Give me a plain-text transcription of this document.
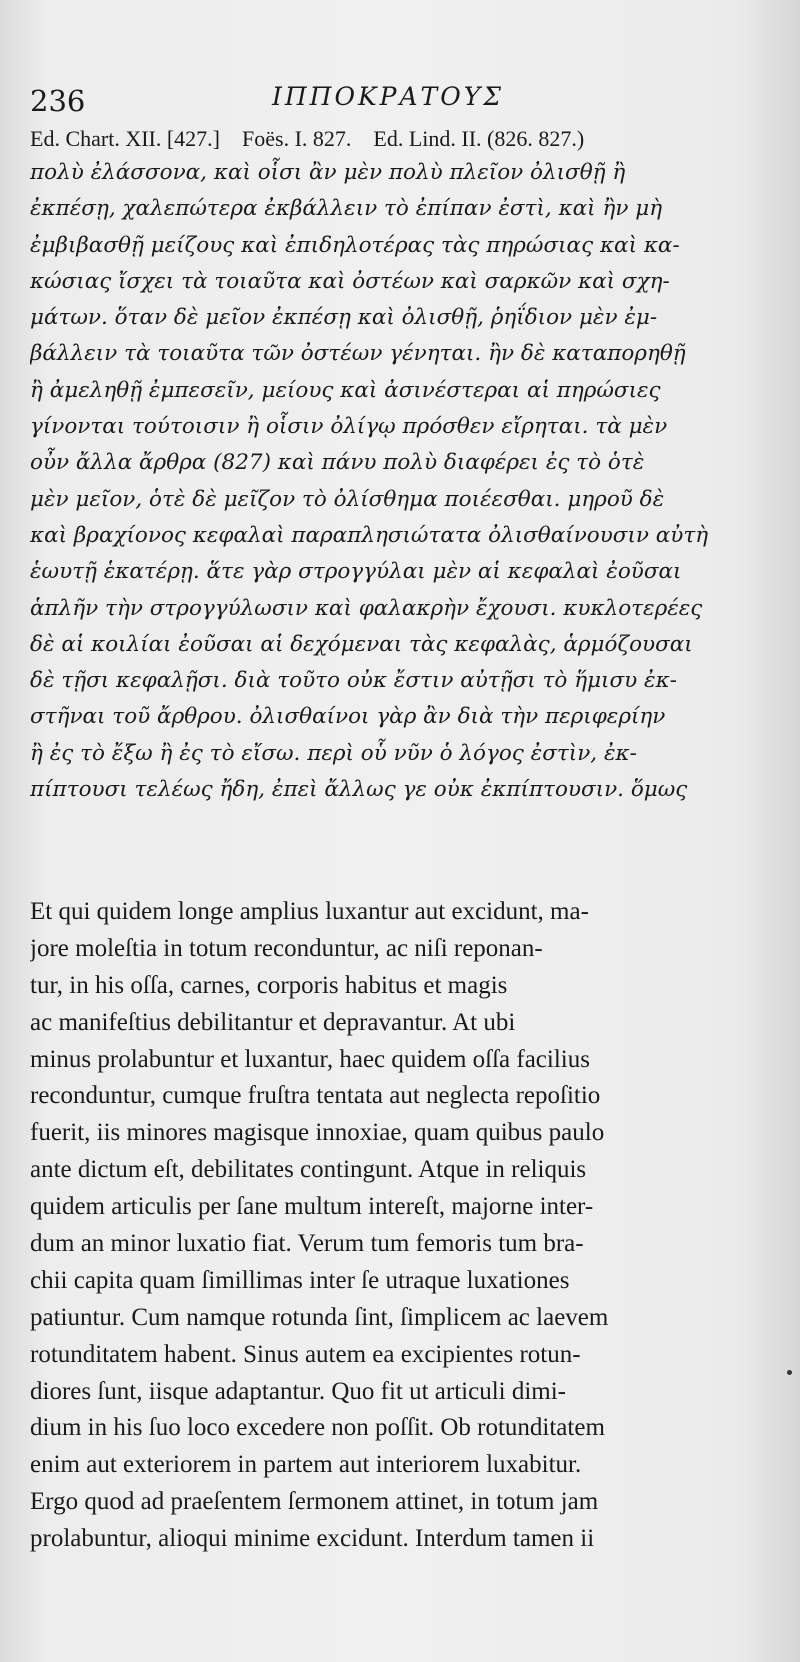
236	ΙΠΠΟΚΡΑΤΟΥΣ
Ed. Chart. XII. [427.]    Foës. I. 827.    Ed. Lind. II. (826. 827.)
πολὺ ἐλάσσονα, καὶ οἷσι ἂν μὲν πολὺ πλεῖον ὀλισθῇ ἢ
ἐκπέσῃ, χαλεπώτερα ἐκβάλλειν τὸ ἐπίπαν ἐστὶ, καὶ ἢν μὴ
ἐμβιβασθῇ μείζους καὶ ἐπιδηλοτέρας τὰς πηρώσιας καὶ κα-
κώσιας ἴσχει τὰ τοιαῦτα καὶ ὀστέων καὶ σαρκῶν καὶ σχη-
μάτων. ὅταν δὲ μεῖον ἐκπέσῃ καὶ ὀλισθῇ, ῥηΐδιον μὲν ἐμ-
βάλλειν τὰ τοιαῦτα τῶν ὀστέων γένηται. ἢν δὲ καταπορηθῇ
ἢ ἀμεληθῇ ἐμπεσεῖν, μείους καὶ ἀσινέστεραι αἱ πηρώσιες
γίνονται τούτοισιν ἢ οἷσιν ὀλίγῳ πρόσθεν εἴρηται. τὰ μὲν
οὖν ἄλλα ἄρθρα (827) καὶ πάνυ πολὺ διαφέρει ἐς τὸ ὁτὲ
μὲν μεῖον, ὁτὲ δὲ μεῖζον τὸ ὀλίσθημα ποιέεσθαι. μηροῦ δὲ
καὶ βραχίονος κεφαλαὶ παραπλησιώτατα ὀλισθαίνουσιν αὐτὴ
ἑωυτῇ ἑκατέρῃ. ἅτε γὰρ στρογγύλαι μὲν αἱ κεφαλαὶ ἐοῦσαι
ἁπλῆν τὴν στρογγύλωσιν καὶ φαλακρὴν ἔχουσι. κυκλοτερέες
δὲ αἱ κοιλίαι ἐοῦσαι αἱ δεχόμεναι τὰς κεφαλὰς, ἁρμόζουσαι
δὲ τῇσι κεφαλῇσι. διὰ τοῦτο οὐκ ἔστιν αὐτῇσι τὸ ἥμισυ ἐκ-
στῆναι τοῦ ἄρθρου. ὀλισθαίνοι γὰρ ἂν διὰ τὴν περιφερίην
ἢ ἐς τὸ ἔξω ἢ ἐς τὸ εἴσω. περὶ οὗ νῦν ὁ λόγος ἐστὶν, ἐκ-
πίπτουσι τελέως ἤδη, ἐπεὶ ἄλλως γε οὐκ ἐκπίπτουσιν. ὅμως
Et qui quidem longe amplius luxantur aut excidunt, ma-
jore moleſtia in totum reconduntur, ac niſi reponan-
tur, in his oſſa, carnes, corporis habitus et magis
ac manifeſtius debilitantur et depravantur. At ubi
minus prolabuntur et luxantur, haec quidem oſſa facilius
reconduntur, cumque fruſtra tentata aut neglecta repoſitio
fuerit, iis minores magisque innoxiae, quam quibus paulo
ante dictum eſt, debilitates contingunt. Atque in reliquis
quidem articulis per ſane multum intereſt, majorne inter-
dum an minor luxatio fiat. Verum tum femoris tum bra-
chii capita quam ſimillimas inter ſe utraque luxationes
patiuntur. Cum namque rotunda ſint, ſimplicem ac laevem
rotunditatem habent. Sinus autem ea excipientes rotun-
diores ſunt, iisque adaptantur. Quo fit ut articuli dimi-
dium in his ſuo loco excedere non poſſit. Ob rotunditatem
enim aut exteriorem in partem aut interiorem luxabitur.
Ergo quod ad praeſentem ſermonem attinet, in totum jam
prolabuntur, alioqui minime excidunt. Interdum tamen ii
